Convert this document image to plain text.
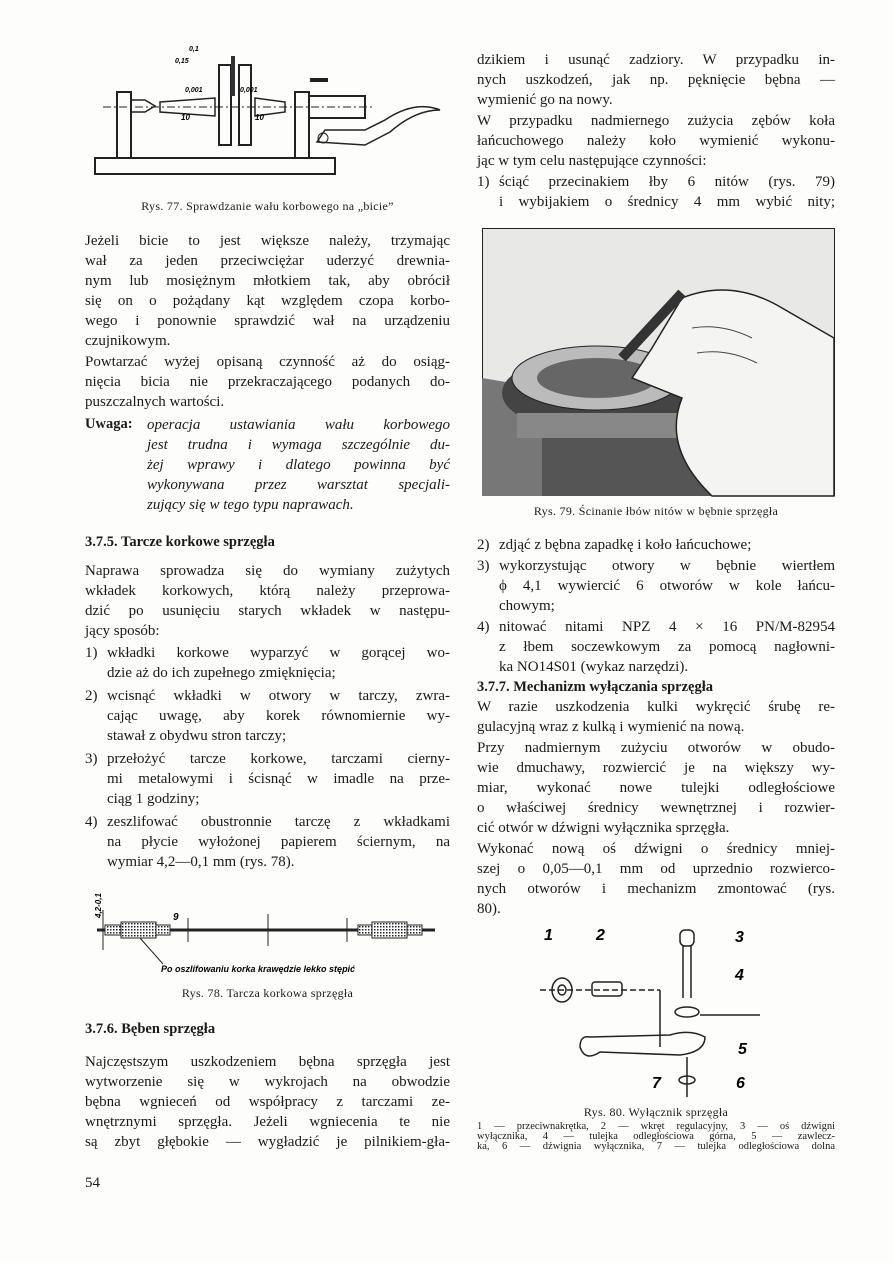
0,1
0,15
0,001	0,001
10	10
Rys. 77. Sprawdzanie wału korbowego na „bicie”
Jeżeli bicie to jest większe należy, trzymając
wał za jeden przeciwciężar uderzyć drewnia-
nym lub mosiężnym młotkiem tak, aby obrócił
się on o pożądany kąt względem czopa korbo-
wego i ponownie sprawdzić wał na urządzeniu
czujnikowym.
Powtarzać wyżej opisaną czynność aż do osiąg-
nięcia bicia nie przekraczającego podanych do-
puszczalnych wartości.
Uwaga: operacja ustawiania wału korbowego
jest trudna i wymaga szczególnie du-
żej wprawy i dlatego powinna być
wykonywana przez warsztat specjali-
zujący się w tego typu naprawach.
3.7.5. Tarcze korkowe sprzęgła
Naprawa sprowadza się do wymiany zużytych
wkładek korkowych, którą należy przeprowa-
dzić po usunięciu starych wkładek w następu-
jący sposób:
1) wkładki korkowe wyparzyć w gorącej wo-
dzie aż do ich zupełnego zmięknięcia;
2) wcisnąć wkładki w otwory w tarczy, zwra-
cając uwagę, aby korek równomiernie wy-
stawał z obydwu stron tarczy;
3) przełożyć tarcze korkowe, tarczami cierny-
mi metalowymi i ścisnąć w imadle na prze-
ciąg 1 godziny;
4) zeszlifować obustronnie tarczę z wkładkami
na płycie wyłożonej papierem ściernym, na
wymiar 4,2—0,1 mm (rys. 78).
4,2-0,1	9
Po oszlifowaniu korka krawędzie lekko stępić
Rys. 78. Tarcza korkowa sprzęgła
3.7.6. Bęben sprzęgła
Najczęstszym uszkodzeniem bębna sprzęgła jest
wytworzenie się w wykrojach na obwodzie
bębna wgnieceń od współpracy z tarczami ze-
wnętrznymi sprzęgła. Jeżeli wgniecenia te nie
są zbyt głębokie — wygładzić je pilnikiem-gła-
54
dzikiem i usunąć zadziory. W przypadku in-
nych uszkodzeń, jak np. pęknięcie bębna —
wymienić go na nowy.
W przypadku nadmiernego zużycia zębów koła
łańcuchowego należy koło wymienić wykonu-
jąc w tym celu następujące czynności:
1) ściąć przecinakiem łby 6 nitów (rys. 79)
i wybijakiem o średnicy 4 mm wybić nity;
Rys. 79. Ścinanie łbów nitów w bębnie sprzęgła
2) zdjąć z bębna zapadkę i koło łańcuchowe;
3) wykorzystując otwory w bębnie wiertłem
ϕ 4,1 wywiercić 6 otworów w kole łańcu-
chowym;
4) nitować nitami NPZ 4 × 16 PN/M-82954
z łbem soczewkowym za pomocą nagłowni-
ka NO14S01 (wykaz narzędzi).
3.7.7. Mechanizm wyłączania sprzęgła
W razie uszkodzenia kulki wykręcić śrubę re-
gulacyjną wraz z kulką i wymienić na nową.
Przy nadmiernym zużyciu otworów w obudo-
wie dmuchawy, rozwiercić je na większy wy-
miar, wykonać nowe tulejki odległościowe
o właściwej średnicy wewnętrznej i rozwier-
cić otwór w dźwigni wyłącznika sprzęgła.
Wykonać nową oś dźwigni o średnicy mniej-
szej o 0,05—0,1 mm od uprzednio rozwierco-
nych otworów i mechanizm zmontować (rys.
80).
1	2	3
4
5
6
7
Rys. 80. Wyłącznik sprzęgła
1 — przeciwnakrętka, 2 — wkręt regulacyjny, 3 — oś dźwigni
wyłącznika, 4 — tulejka odległościowa górna, 5 — zawlecz-
ka, 6 — dźwignia wyłącznika, 7 — tulejka odległościowa dolna
